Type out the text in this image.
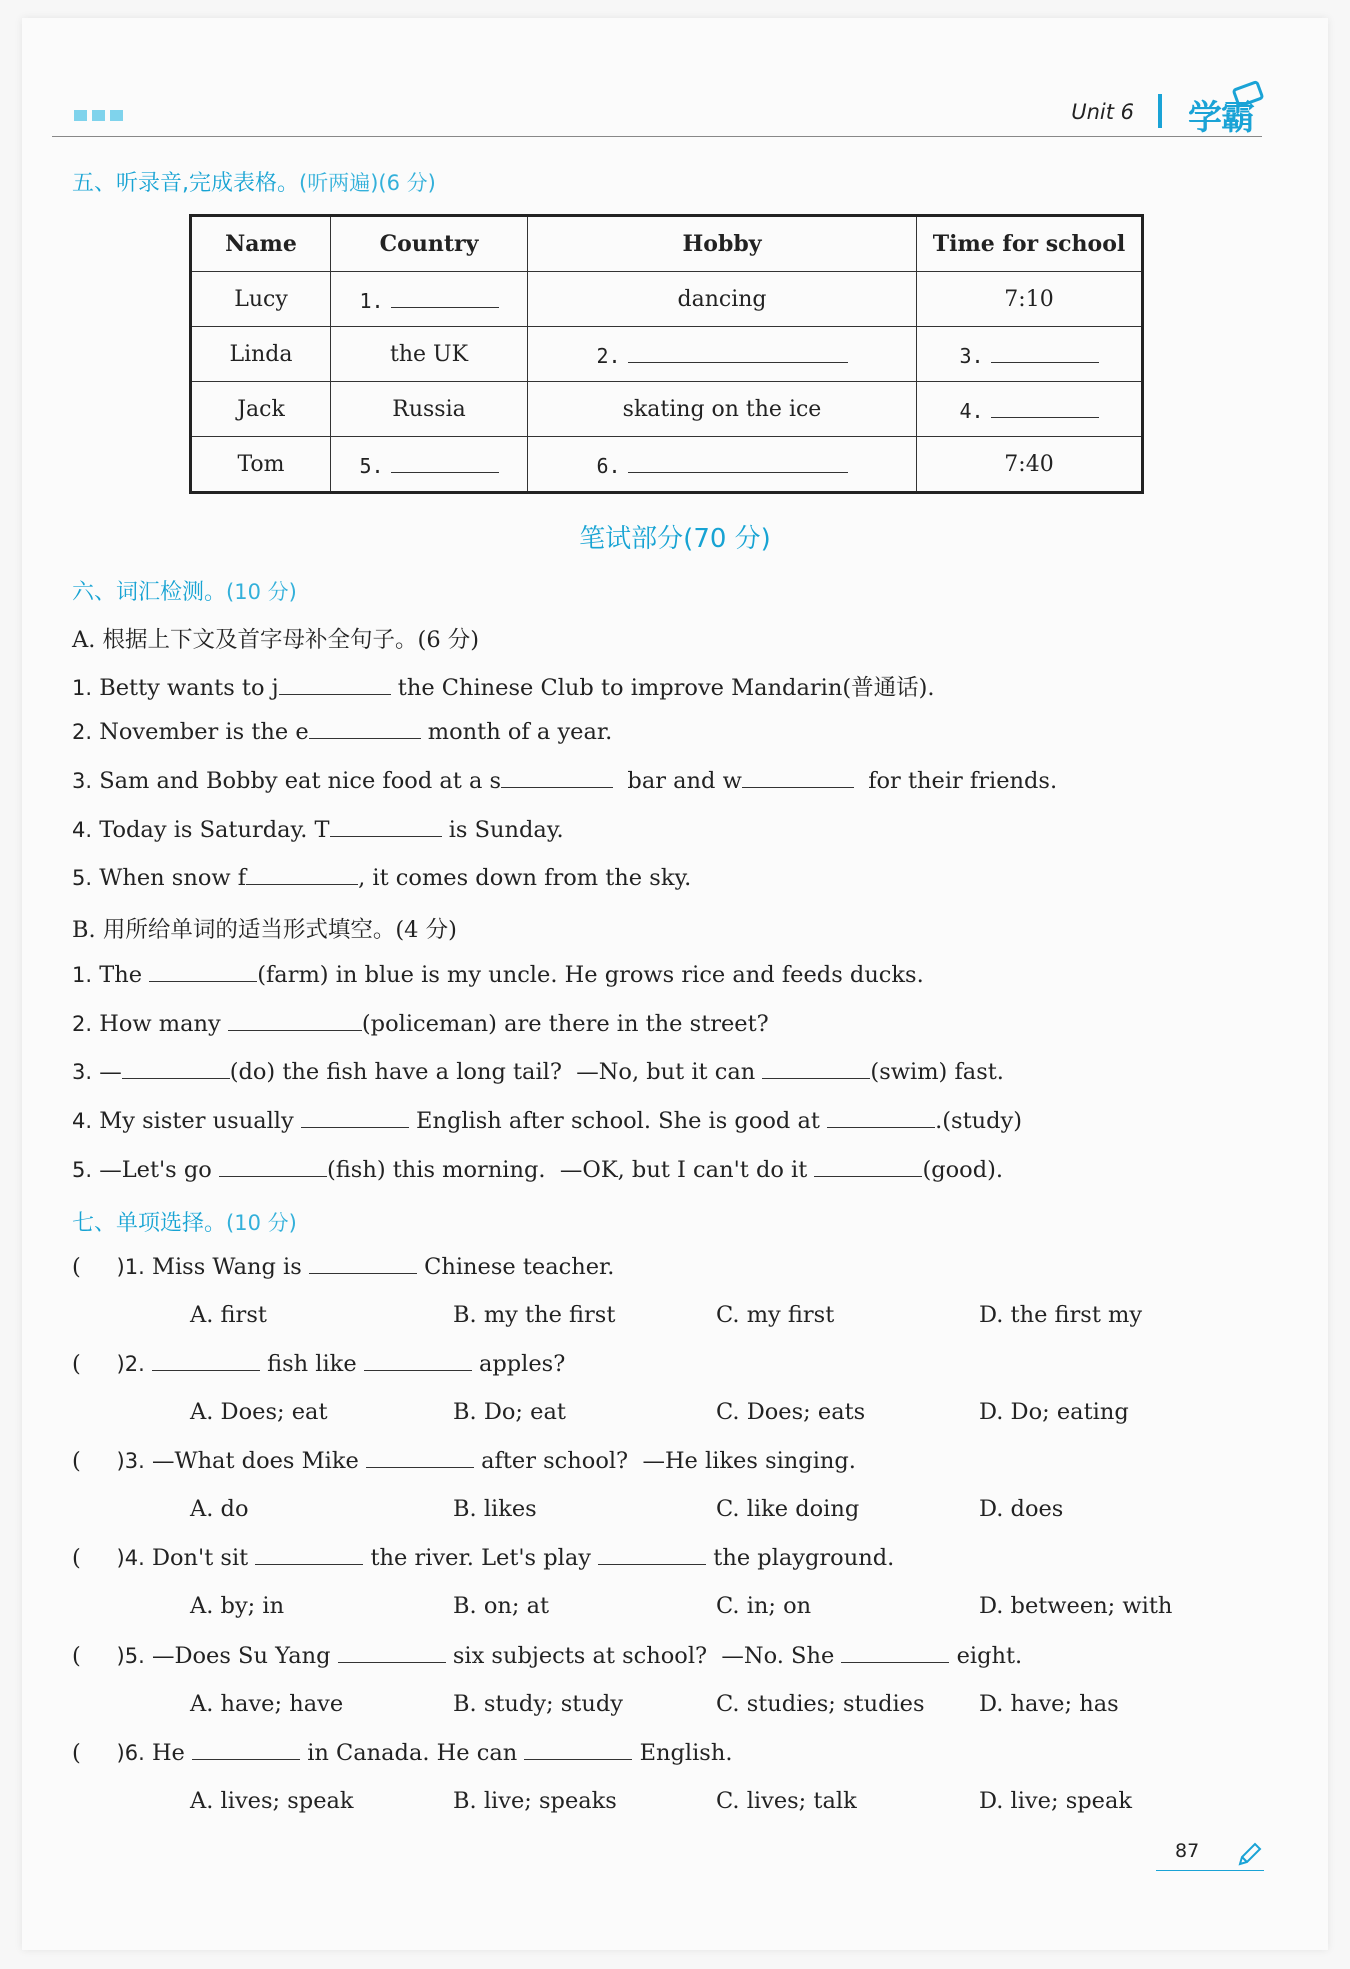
Unit 6 学霸
五、听录音,完成表格。(听两遍)(6 分)
Name	Country	Hobby	Time for school
Lucy	1.	dancing	7:10
Linda	the UK	2.	3.
Jack	Russia	skating on the ice	4.
Tom	5.	6.	7:40
笔试部分(70 分)
六、词汇检测。(10 分)
A. 根据上下文及首字母补全句子。(6 分)
1. Betty wants to j	the Chinese Club to improve Mandarin(普通话).
2. November is the e	month of a year.
3. Sam and Bobby eat nice food at a s	bar and w	for their friends.
4. Today is Saturday. T	is Sunday.
5. When snow f	, it comes down from the sky.
B. 用所给单词的适当形式填空。(4 分)
1. The	(farm) in blue is my uncle. He grows rice and feeds ducks.
2. How many	(policeman) are there in the street?
3. —	(do) the fish have a long tail? —No, but it can	(swim) fast.
4. My sister usually	English after school. She is good at	.(study)
5. —Let's go	(fish) this morning. —OK, but I can't do it	(good).
七、单项选择。(10 分)
( )1. Miss Wang is	Chinese teacher.
A. first	B. my the first	C. my first	D. the first my
( )2.	fish like	apples?
A. Does; eat	B. Do; eat	C. Does; eats	D. Do; eating
( )3. —What does Mike	after school? —He likes singing.
A. do	B. likes	C. like doing	D. does
( )4. Don't sit	the river. Let's play	the playground.
A. by; in	B. on; at	C. in; on	D. between; with
( )5. —Does Su Yang	six subjects at school? —No. She	eight.
A. have; have	B. study; study	C. studies; studies D. have; has
( )6. He	in Canada. He can	English.
A. lives; speak	B. live; speaks	C. lives; talk	D. live; speak
87
